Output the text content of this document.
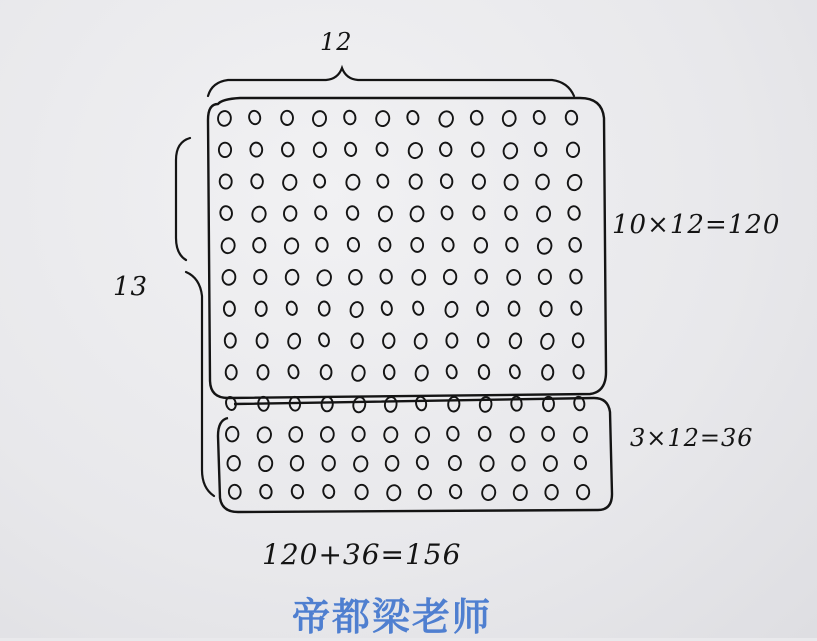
12
13
10×12=120
3×12=36
120+36=156
帝都梁老师
